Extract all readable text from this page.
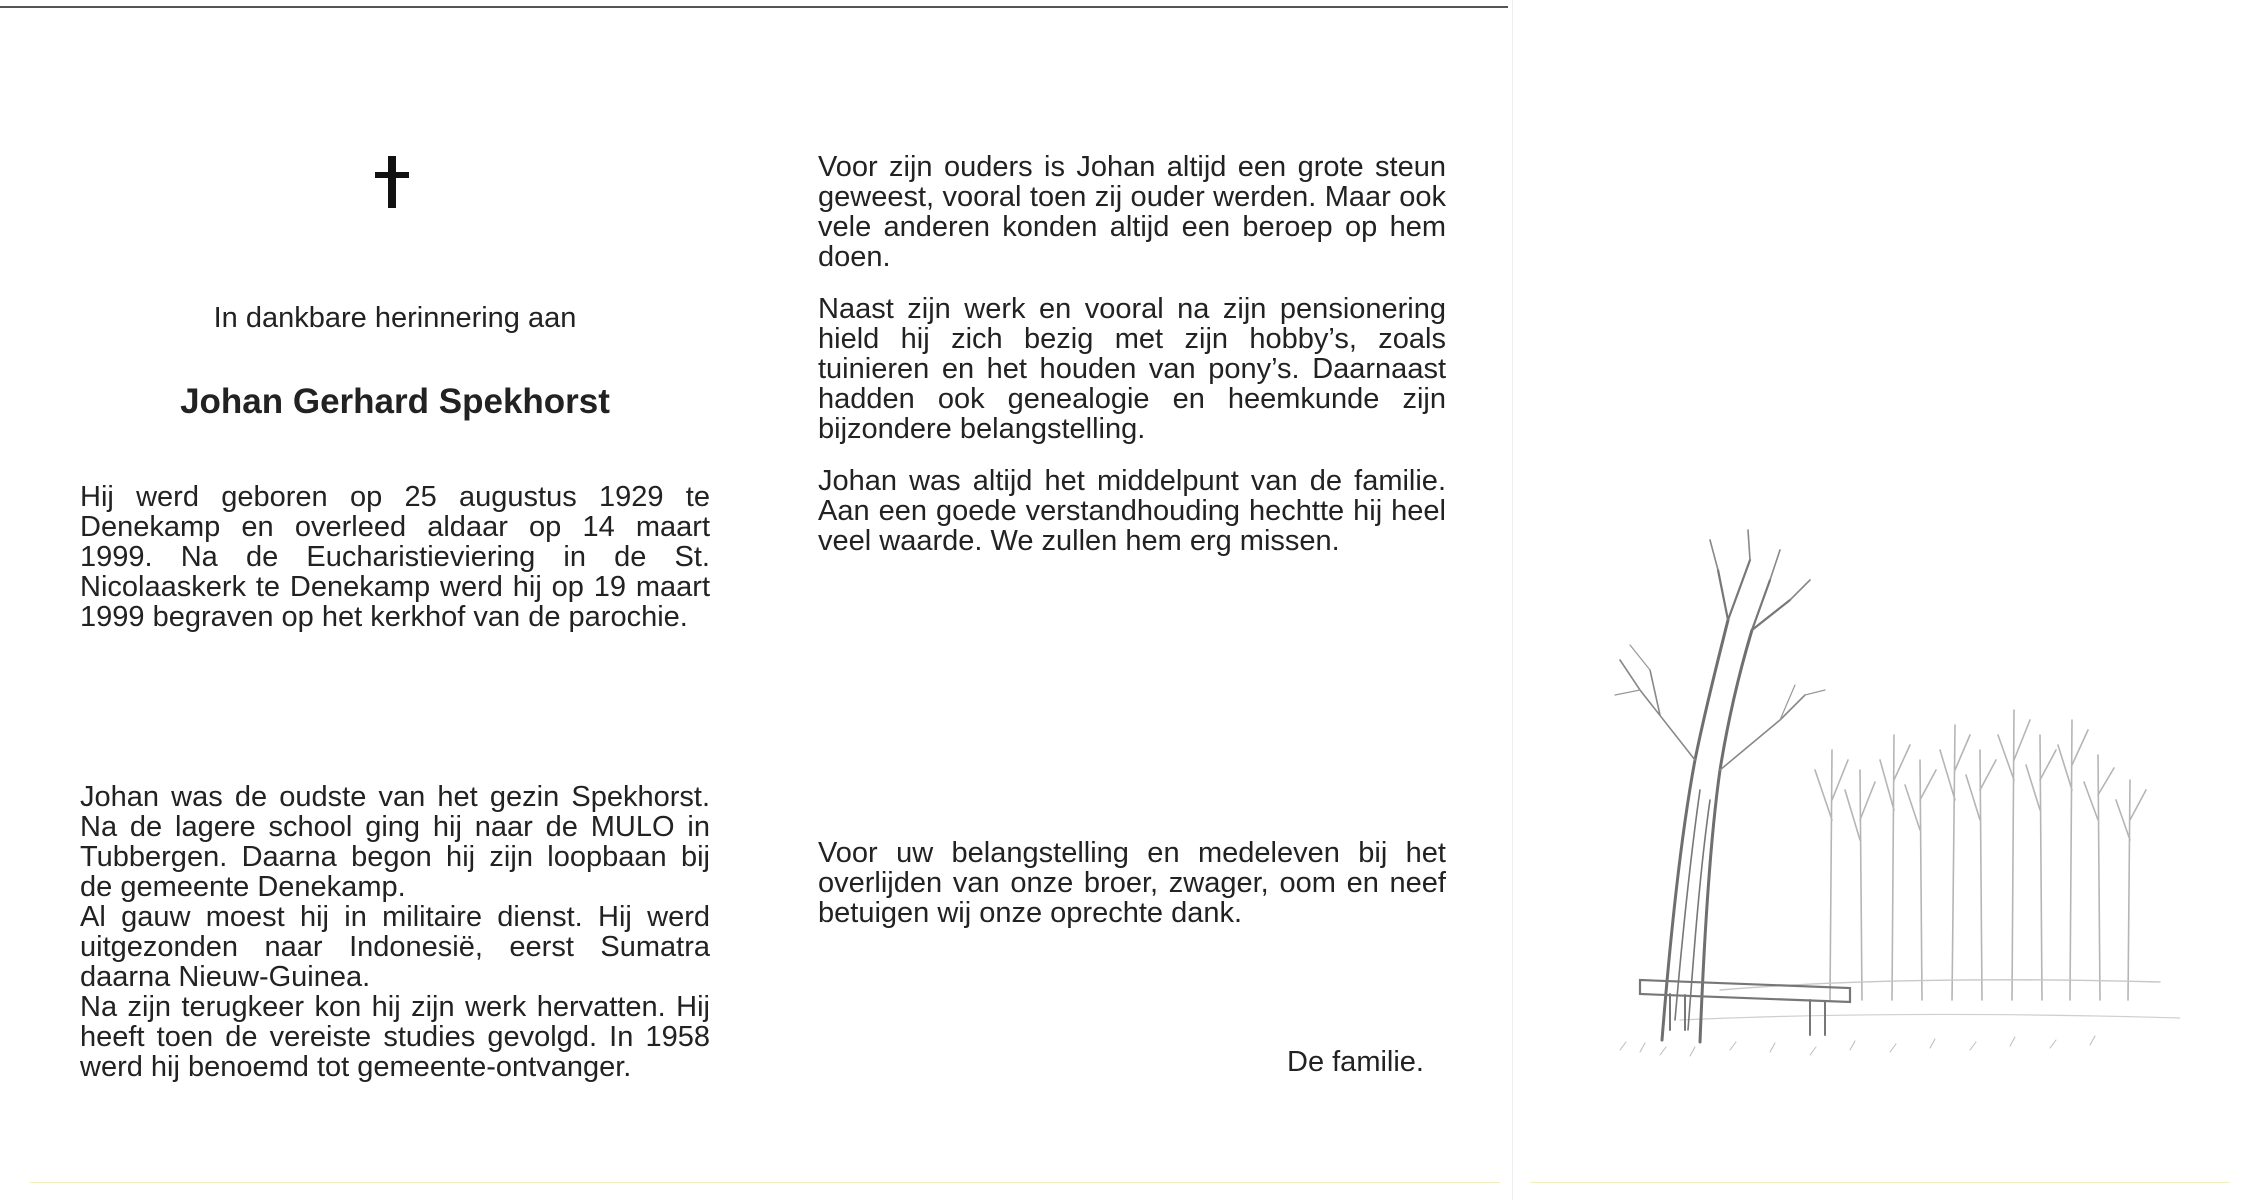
In dankbare herinnering aan

Johan Gerhard Spekhorst

Hij werd geboren op 25 augustus 1929 te Denekamp en overleed aldaar op 14 maart 1999. Na de Eucharistieviering in de St. Nicolaaskerk te Denekamp werd hij op 19 maart 1999 begraven op het kerkhof van de parochie.

Johan was de oudste van het gezin Spekhorst. Na de lagere school ging hij naar de MULO in Tubbergen. Daarna begon hij zijn loopbaan bij de gemeente Denekamp.

Al gauw moest hij in militaire dienst. Hij werd uitgezonden naar Indonesië, eerst Sumatra daarna Nieuw-Guinea.

Na zijn terugkeer kon hij zijn werk hervatten. Hij heeft toen de vereiste studies gevolgd. In 1958 werd hij benoemd tot gemeente-ontvanger.

Voor zijn ouders is Johan altijd een grote steun geweest, vooral toen zij ouder werden. Maar ook vele anderen konden altijd een beroep op hem doen.

Naast zijn werk en vooral na zijn pensionering hield hij zich bezig met zijn hobby’s, zoals tuinieren en het houden van pony’s. Daarnaast hadden ook genealogie en heemkunde zijn bijzondere belangstelling.

Johan was altijd het middelpunt van de familie. Aan een goede verstandhouding hechtte hij heel veel waarde. We zullen hem erg missen.

Voor uw belangstelling en medeleven bij het overlijden van onze broer, zwager, oom en neef betuigen wij onze oprechte dank.

De familie.
